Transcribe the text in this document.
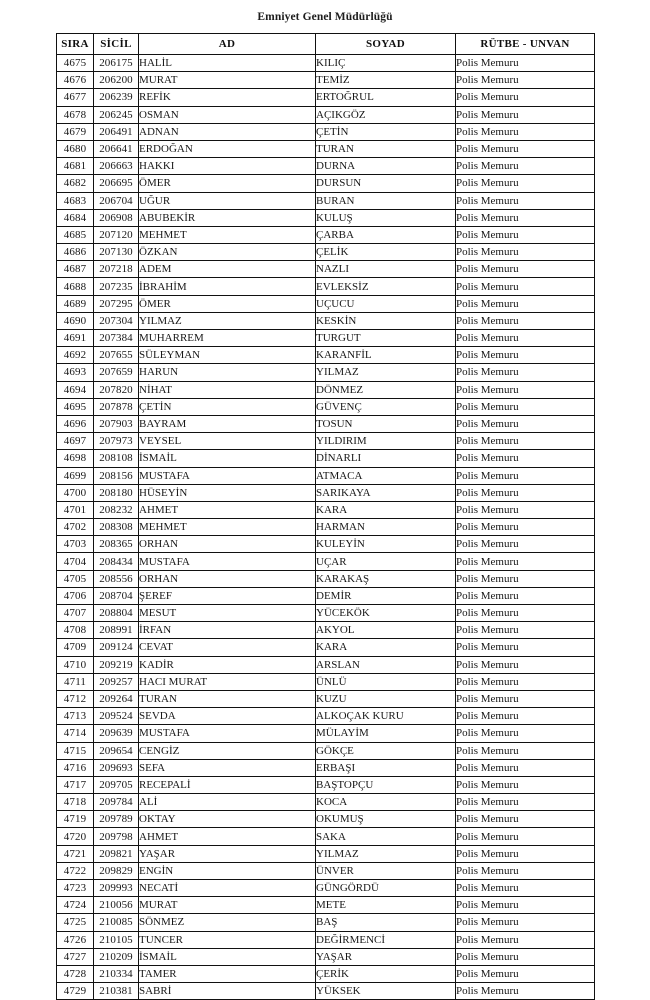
Emniyet Genel Müdürlüğü
SIRA	SİCİL	AD	SOYAD	RÜTBE - UNVAN
4675	206175	HALİL	KILIÇ	Polis Memuru
4676	206200	MURAT	TEMİZ	Polis Memuru
4677	206239	REFİK	ERTOĞRUL	Polis Memuru
4678	206245	OSMAN	AÇIKGÖZ	Polis Memuru
4679	206491	ADNAN	ÇETİN	Polis Memuru
4680	206641	ERDOĞAN	TURAN	Polis Memuru
4681	206663	HAKKI	DURNA	Polis Memuru
4682	206695	ÖMER	DURSUN	Polis Memuru
4683	206704	UĞUR	BURAN	Polis Memuru
4684	206908	ABUBEKİR	KULUŞ	Polis Memuru
4685	207120	MEHMET	ÇARBA	Polis Memuru
4686	207130	ÖZKAN	ÇELİK	Polis Memuru
4687	207218	ADEM	NAZLI	Polis Memuru
4688	207235	İBRAHİM	EVLEKSİZ	Polis Memuru
4689	207295	ÖMER	UÇUCU	Polis Memuru
4690	207304	YILMAZ	KESKİN	Polis Memuru
4691	207384	MUHARREM	TURGUT	Polis Memuru
4692	207655	SÜLEYMAN	KARANFİL	Polis Memuru
4693	207659	HARUN	YILMAZ	Polis Memuru
4694	207820	NİHAT	DÖNMEZ	Polis Memuru
4695	207878	ÇETİN	GÜVENÇ	Polis Memuru
4696	207903	BAYRAM	TOSUN	Polis Memuru
4697	207973	VEYSEL	YILDIRIM	Polis Memuru
4698	208108	İSMAİL	DİNARLI	Polis Memuru
4699	208156	MUSTAFA	ATMACA	Polis Memuru
4700	208180	HÜSEYİN	SARIKAYA	Polis Memuru
4701	208232	AHMET	KARA	Polis Memuru
4702	208308	MEHMET	HARMAN	Polis Memuru
4703	208365	ORHAN	KULEYİN	Polis Memuru
4704	208434	MUSTAFA	UÇAR	Polis Memuru
4705	208556	ORHAN	KARAKAŞ	Polis Memuru
4706	208704	ŞEREF	DEMİR	Polis Memuru
4707	208804	MESUT	YÜCEKÖK	Polis Memuru
4708	208991	İRFAN	AKYOL	Polis Memuru
4709	209124	CEVAT	KARA	Polis Memuru
4710	209219	KADİR	ARSLAN	Polis Memuru
4711	209257	HACI MURAT	ÜNLÜ	Polis Memuru
4712	209264	TURAN	KUZU	Polis Memuru
4713	209524	SEVDA	ALKOÇAK KURU	Polis Memuru
4714	209639	MUSTAFA	MÜLAYİM	Polis Memuru
4715	209654	CENGİZ	GÖKÇE	Polis Memuru
4716	209693	SEFA	ERBAŞI	Polis Memuru
4717	209705	RECEPALİ	BAŞTOPÇU	Polis Memuru
4718	209784	ALİ	KOCA	Polis Memuru
4719	209789	OKTAY	OKUMUŞ	Polis Memuru
4720	209798	AHMET	SAKA	Polis Memuru
4721	209821	YAŞAR	YILMAZ	Polis Memuru
4722	209829	ENGİN	ÜNVER	Polis Memuru
4723	209993	NECATİ	GÜNGÖRDÜ	Polis Memuru
4724	210056	MURAT	METE	Polis Memuru
4725	210085	SÖNMEZ	BAŞ	Polis Memuru
4726	210105	TUNCER	DEĞİRMENCİ	Polis Memuru
4727	210209	İSMAİL	YAŞAR	Polis Memuru
4728	210334	TAMER	ÇERİK	Polis Memuru
4729	210381	SABRİ	YÜKSEK	Polis Memuru
